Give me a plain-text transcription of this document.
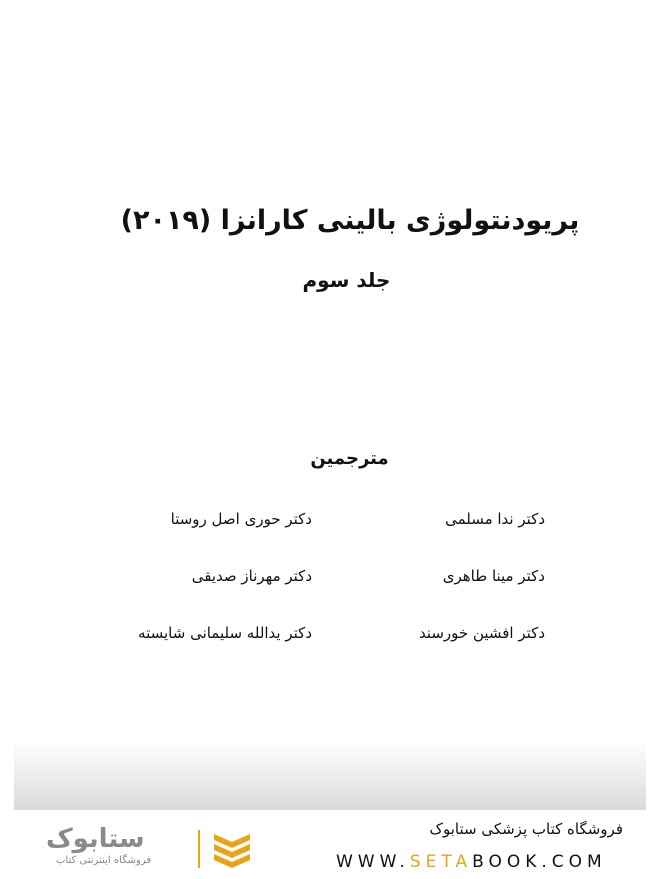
پریودنتولوژی بالینی کارانزا (۲۰۱۹)
جلد سوم
مترجمین
دکتر ندا مسلمی
دکتر مینا طاهری
دکتر افشین خورسند
دکتر حوری اصل روستا
دکتر مهرناز صدیقی
دکتر یدالله سلیمانی شایسته
ستابوک
فروشگاه اینترنتی کتاب
فروشگاه کتاب پزشکی ستابوک
WWW.SETABOOK.COM
